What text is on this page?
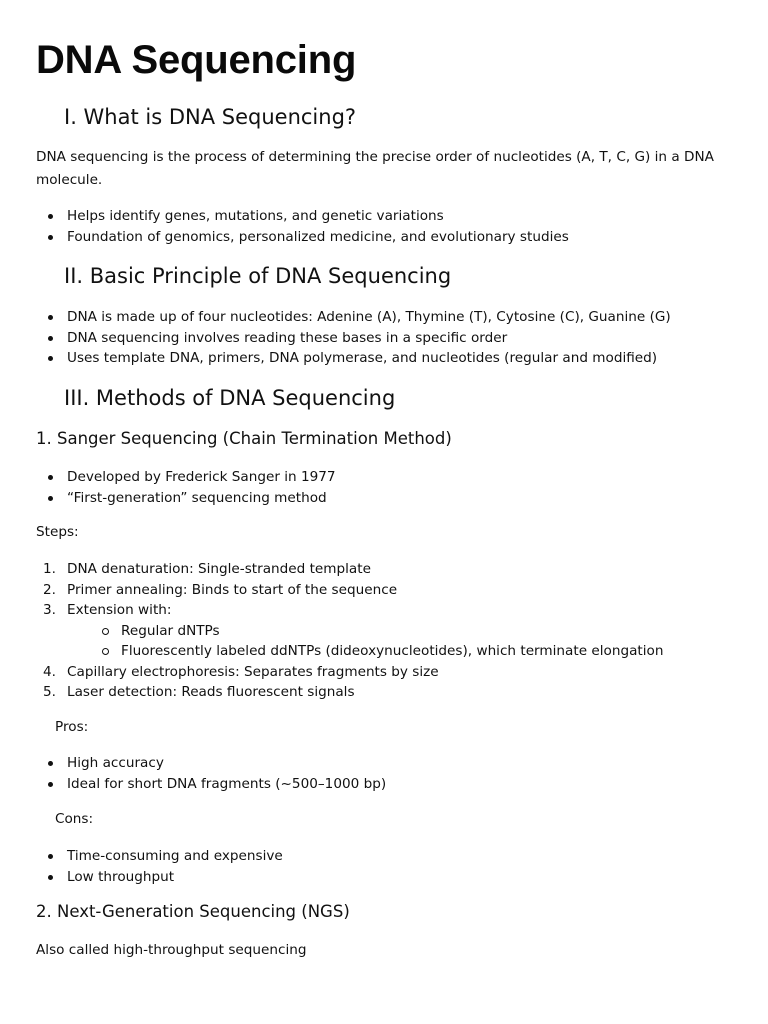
DNA Sequencing
I. What is DNA Sequencing?

DNA sequencing is the process of determining the precise order of nucleotides (A, T, C, G) in a DNA molecule.

Helps identify genes, mutations, and genetic variations
Foundation of genomics, personalized medicine, and evolutionary studies
II. Basic Principle of DNA Sequencing
DNA is made up of four nucleotides: Adenine (A), Thymine (T), Cytosine (C), Guanine (G)
DNA sequencing involves reading these bases in a specific order
Uses template DNA, primers, DNA polymerase, and nucleotides (regular and modified)
III. Methods of DNA Sequencing
1. Sanger Sequencing (Chain Termination Method)
Developed by Frederick Sanger in 1977
“First-generation” sequencing method

Steps:

1. DNA denaturation: Single-stranded template
2. Primer annealing: Binds to start of the sequence
3. Extension with:
Regular dNTPs
Fluorescently labeled ddNTPs (dideoxynucleotides), which terminate elongation
4. Capillary electrophoresis: Separates fragments by size
5. Laser detection: Reads fluorescent signals

Pros:

High accuracy
Ideal for short DNA fragments (~500–1000 bp)

Cons:

Time-consuming and expensive
Low throughput
2. Next-Generation Sequencing (NGS)

Also called high-throughput sequencing
